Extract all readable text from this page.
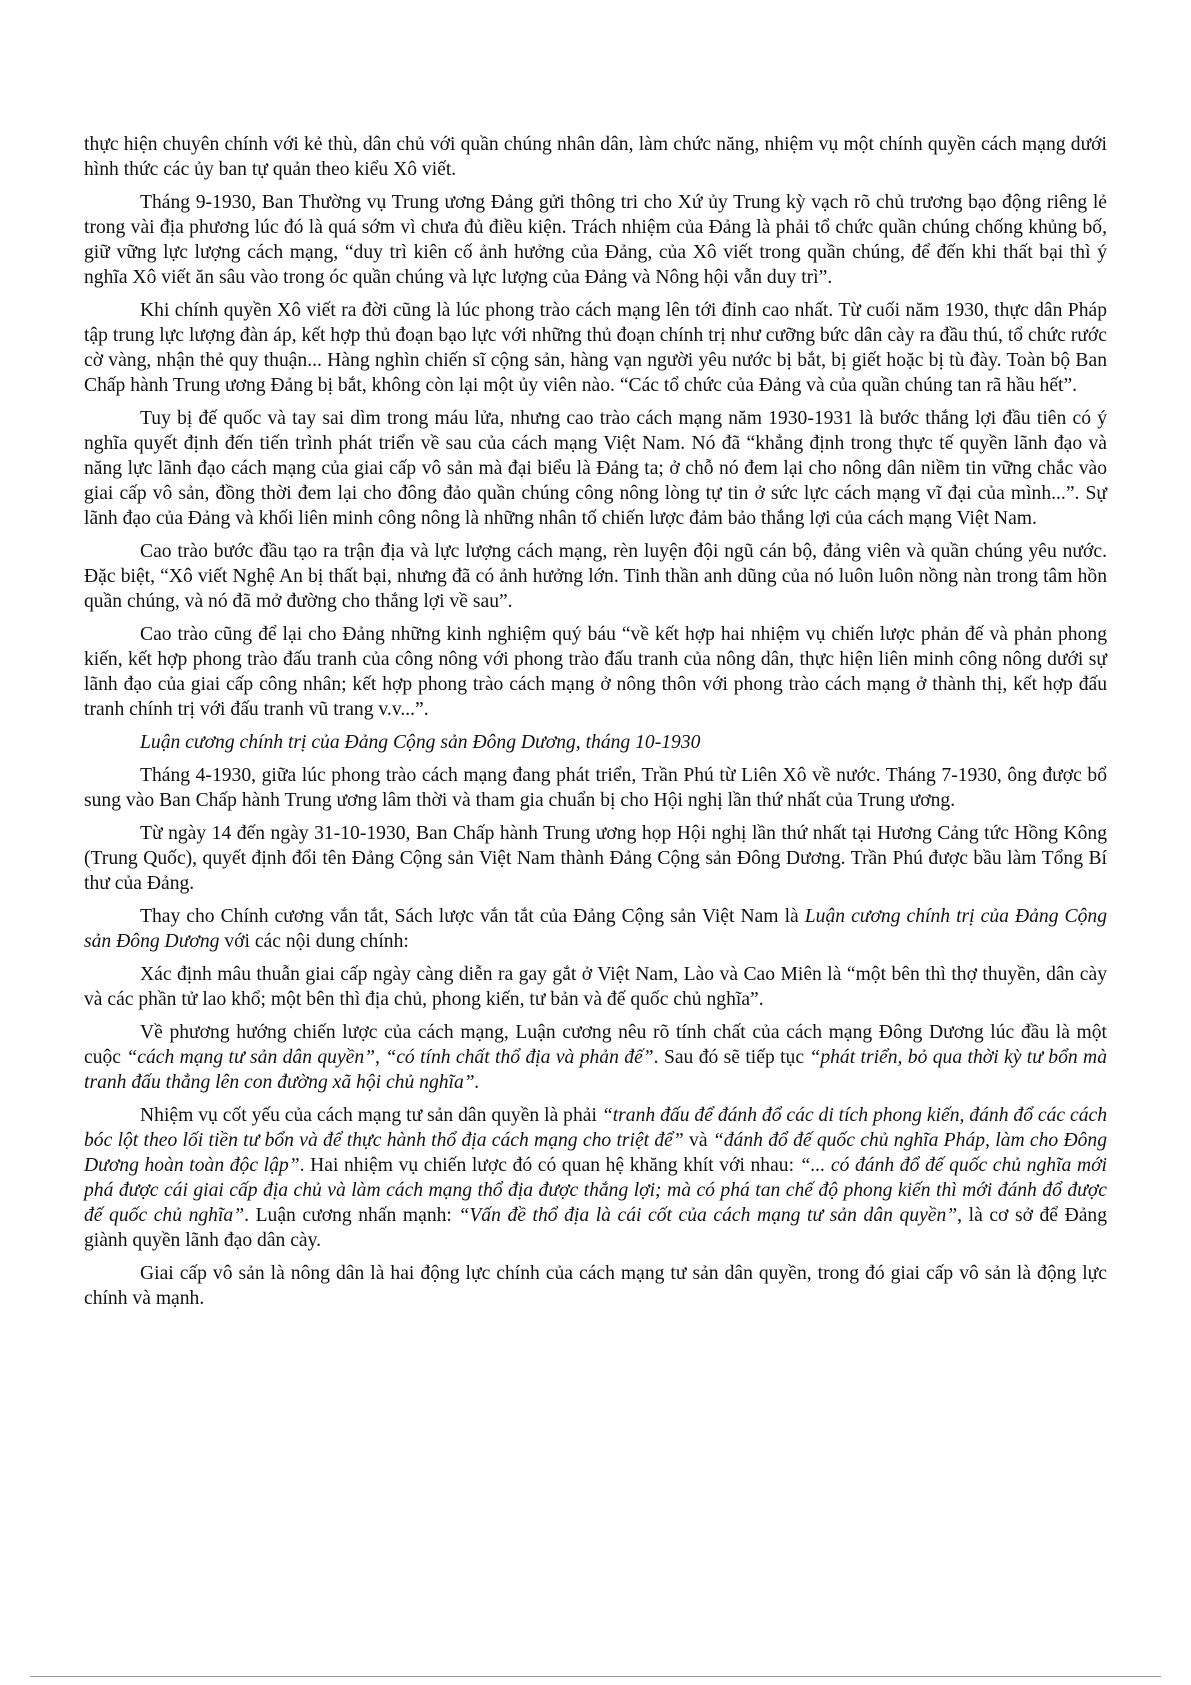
thực hiện chuyên chính với kẻ thù, dân chủ với quần chúng nhân dân, làm chức năng, nhiệm vụ một chính quyền cách mạng dưới hình thức các ủy ban tự quản theo kiểu Xô viết.

Tháng 9-1930, Ban Thường vụ Trung ương Đảng gửi thông tri cho Xứ ủy Trung kỳ vạch rõ chủ trương bạo động riêng lẻ trong vài địa phương lúc đó là quá sớm vì chưa đủ điều kiện. Trách nhiệm của Đảng là phải tổ chức quần chúng chống khủng bố, giữ vững lực lượng cách mạng, “duy trì kiên cố ảnh hưởng của Đảng, của Xô viết trong quần chúng, để đến khi thất bại thì ý nghĩa Xô viết ăn sâu vào trong óc quần chúng và lực lượng của Đảng và Nông hội vẫn duy trì”.

Khi chính quyền Xô viết ra đời cũng là lúc phong trào cách mạng lên tới đỉnh cao nhất. Từ cuối năm 1930, thực dân Pháp tập trung lực lượng đàn áp, kết hợp thủ đoạn bạo lực với những thủ đoạn chính trị như cưỡng bức dân cày ra đầu thú, tổ chức rước cờ vàng, nhận thẻ quy thuận... Hàng nghìn chiến sĩ cộng sản, hàng vạn người yêu nước bị bắt, bị giết hoặc bị tù đày. Toàn bộ Ban Chấp hành Trung ương Đảng bị bắt, không còn lại một ủy viên nào. “Các tổ chức của Đảng và của quần chúng tan rã hầu hết”.

Tuy bị đế quốc và tay sai dìm trong máu lửa, nhưng cao trào cách mạng năm 1930-1931 là bước thắng lợi đầu tiên có ý nghĩa quyết định đến tiến trình phát triển về sau của cách mạng Việt Nam. Nó đã “khẳng định trong thực tế quyền lãnh đạo và năng lực lãnh đạo cách mạng của giai cấp vô sản mà đại biểu là Đảng ta; ở chỗ nó đem lại cho nông dân niềm tin vững chắc vào giai cấp vô sản, đồng thời đem lại cho đông đảo quần chúng công nông lòng tự tin ở sức lực cách mạng vĩ đại của mình...”. Sự lãnh đạo của Đảng và khối liên minh công nông là những nhân tố chiến lược đảm bảo thắng lợi của cách mạng Việt Nam.

Cao trào bước đầu tạo ra trận địa và lực lượng cách mạng, rèn luyện đội ngũ cán bộ, đảng viên và quần chúng yêu nước. Đặc biệt, “Xô viết Nghệ An bị thất bại, nhưng đã có ảnh hưởng lớn. Tinh thần anh dũng của nó luôn luôn nồng nàn trong tâm hồn quần chúng, và nó đã mở đường cho thắng lợi về sau”.

Cao trào cũng để lại cho Đảng những kinh nghiệm quý báu “về kết hợp hai nhiệm vụ chiến lược phản đế và phản phong kiến, kết hợp phong trào đấu tranh của công nông với phong trào đấu tranh của nông dân, thực hiện liên minh công nông dưới sự lãnh đạo của giai cấp công nhân; kết hợp phong trào cách mạng ở nông thôn với phong trào cách mạng ở thành thị, kết hợp đấu tranh chính trị với đấu tranh vũ trang v.v...”.

Luận cương chính trị của Đảng Cộng sản Đông Dương, tháng 10-1930

Tháng 4-1930, giữa lúc phong trào cách mạng đang phát triển, Trần Phú từ Liên Xô về nước. Tháng 7-1930, ông được bổ sung vào Ban Chấp hành Trung ương lâm thời và tham gia chuẩn bị cho Hội nghị lần thứ nhất của Trung ương.

Từ ngày 14 đến ngày 31-10-1930, Ban Chấp hành Trung ương họp Hội nghị lần thứ nhất tại Hương Cảng tức Hồng Kông (Trung Quốc), quyết định đổi tên Đảng Cộng sản Việt Nam thành Đảng Cộng sản Đông Dương. Trần Phú được bầu làm Tổng Bí thư của Đảng.

Thay cho Chính cương vắn tắt, Sách lược vắn tắt của Đảng Cộng sản Việt Nam là Luận cương chính trị của Đảng Cộng sản Đông Dương với các nội dung chính:

Xác định mâu thuẫn giai cấp ngày càng diễn ra gay gắt ở Việt Nam, Lào và Cao Miên là “một bên thì thợ thuyền, dân cày và các phần tử lao khổ; một bên thì địa chủ, phong kiến, tư bản và đế quốc chủ nghĩa”.

Về phương hướng chiến lược của cách mạng, Luận cương nêu rõ tính chất của cách mạng Đông Dương lúc đầu là một cuộc “cách mạng tư sản dân quyền”, “có tính chất thổ địa và phản đế”. Sau đó sẽ tiếp tục “phát triển, bỏ qua thời kỳ tư bổn mà tranh đấu thẳng lên con đường xã hội chủ nghĩa”.

Nhiệm vụ cốt yếu của cách mạng tư sản dân quyền là phải “tranh đấu để đánh đổ các di tích phong kiến, đánh đổ các cách bóc lột theo lối tiền tư bổn và để thực hành thổ địa cách mạng cho triệt để” và “đánh đổ đế quốc chủ nghĩa Pháp, làm cho Đông Dương hoàn toàn độc lập”. Hai nhiệm vụ chiến lược đó có quan hệ khăng khít với nhau: “... có đánh đổ đế quốc chủ nghĩa mới phá được cái giai cấp địa chủ và làm cách mạng thổ địa được thắng lợi; mà có phá tan chế độ phong kiến thì mới đánh đổ được đế quốc chủ nghĩa”. Luận cương nhấn mạnh: “Vấn đề thổ địa là cái cốt của cách mạng tư sản dân quyền”, là cơ sở để Đảng giành quyền lãnh đạo dân cày.

Giai cấp vô sản là nông dân là hai động lực chính của cách mạng tư sản dân quyền, trong đó giai cấp vô sản là động lực chính và mạnh.
